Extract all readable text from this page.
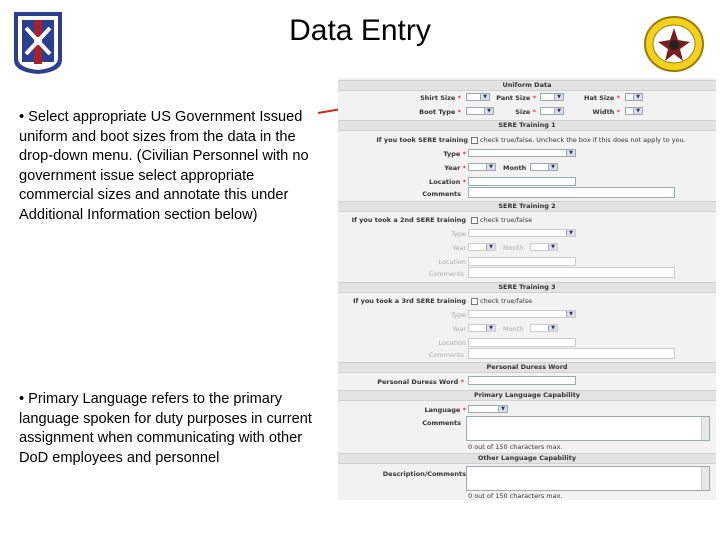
Data Entry
• Select appropriate US Government Issued uniform and boot sizes from the data in the drop-down menu. (Civilian Personnel with no government issue select appropriate commercial sizes and annotate this under Additional Information section below)
• Primary Language refers to the primary language spoken for duty purposes in current assignment when communicating with other DoD employees and personnel
Uniform Data
Shirt Size *	▼	Pant Size *	▼	Hat Size *	▼
Boot Type *	▼	Size *	▼	Width *	▼
SERE Training 1
If you took SERE training	check true/false. Uncheck the box if this does not apply to you.
Type *	▼
Year *	▼	Month	▼
Location *
Comments
SERE Training 2
If you took a 2nd SERE training	check true/false
Type	▼
Year	▼	Month	▼
Location
Comments
SERE Training 3
If you took a 3rd SERE training	check true/false
Type	▼
Year	▼	Month	▼
Location
Comments
Personal Duress Word
Personal Duress Word *
Primary Language Capability
Language *	▼
Comments
0 out of 150 characters max.
Other Language Capability
Description/Comments
0 out of 150 characters max.
